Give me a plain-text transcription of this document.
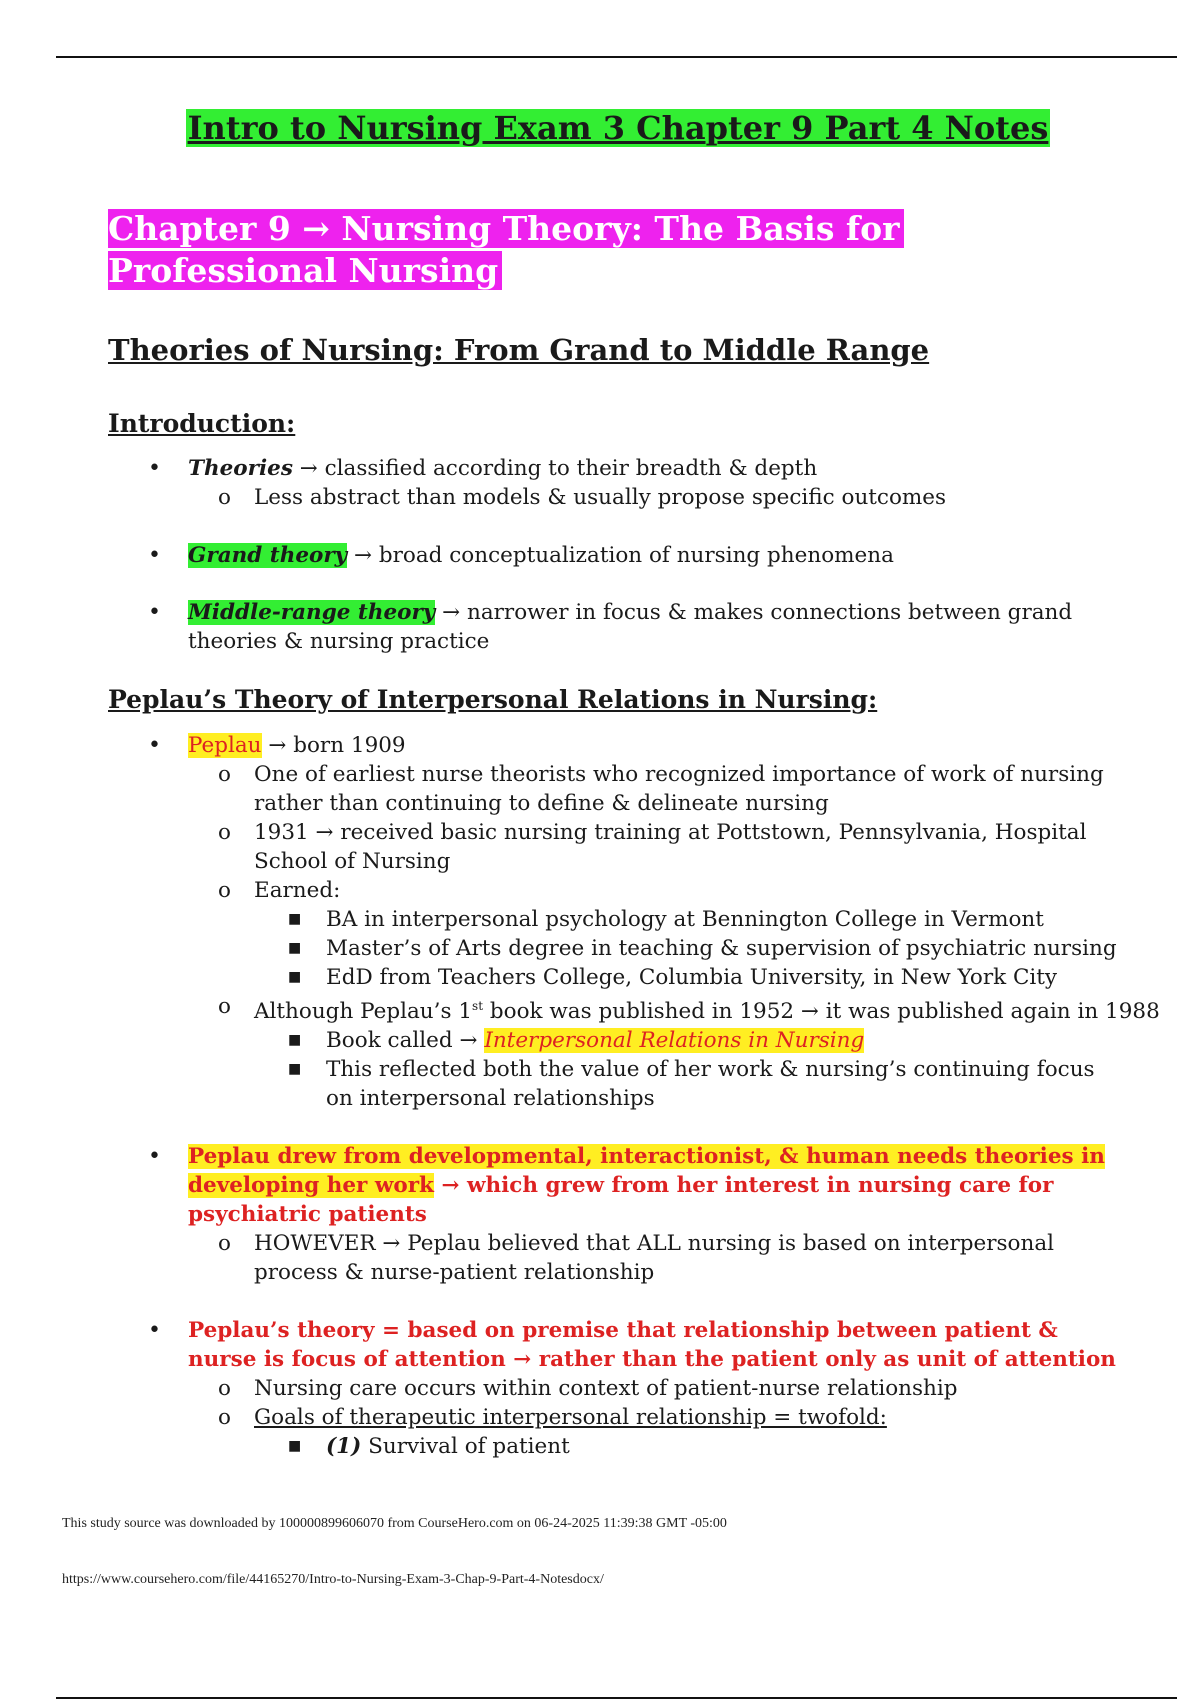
Intro to Nursing Exam 3 Chapter 9 Part 4 Notes
Chapter 9 → Nursing Theory: The Basis for Professional Nursing
Theories of Nursing: From Grand to Middle Range
Introduction:
• Theories → classified according to their breadth & depth
o Less abstract than models & usually propose specific outcomes
• Grand theory → broad conceptualization of nursing phenomena
• Middle-range theory → narrower in focus & makes connections between grand theories & nursing practice
Peplau’s Theory of Interpersonal Relations in Nursing:
• Peplau → born 1909
o One of earliest nurse theorists who recognized importance of work of nursing rather than continuing to define & delineate nursing
o 1931 → received basic nursing training at Pottstown, Pennsylvania, Hospital School of Nursing
o Earned:
■ BA in interpersonal psychology at Bennington College in Vermont
■ Master’s of Arts degree in teaching & supervision of psychiatric nursing
■ EdD from Teachers College, Columbia University, in New York City
o Although Peplau’s 1st book was published in 1952 → it was published again in 1988
■ Book called → Interpersonal Relations in Nursing
■ This reflected both the value of her work & nursing’s continuing focus on interpersonal relationships
• Peplau drew from developmental, interactionist, & human needs theories in developing her work → which grew from her interest in nursing care for psychiatric patients
o HOWEVER → Peplau believed that ALL nursing is based on interpersonal process & nurse-patient relationship
• Peplau’s theory = based on premise that relationship between patient & nurse is focus of attention → rather than the patient only as unit of attention
o Nursing care occurs within context of patient-nurse relationship
o Goals of therapeutic interpersonal relationship = twofold:
■ (1) Survival of patient
This study source was downloaded by 100000899606070 from CourseHero.com on 06-24-2025 11:39:38 GMT -05:00
https://www.coursehero.com/file/44165270/Intro-to-Nursing-Exam-3-Chap-9-Part-4-Notesdocx/
